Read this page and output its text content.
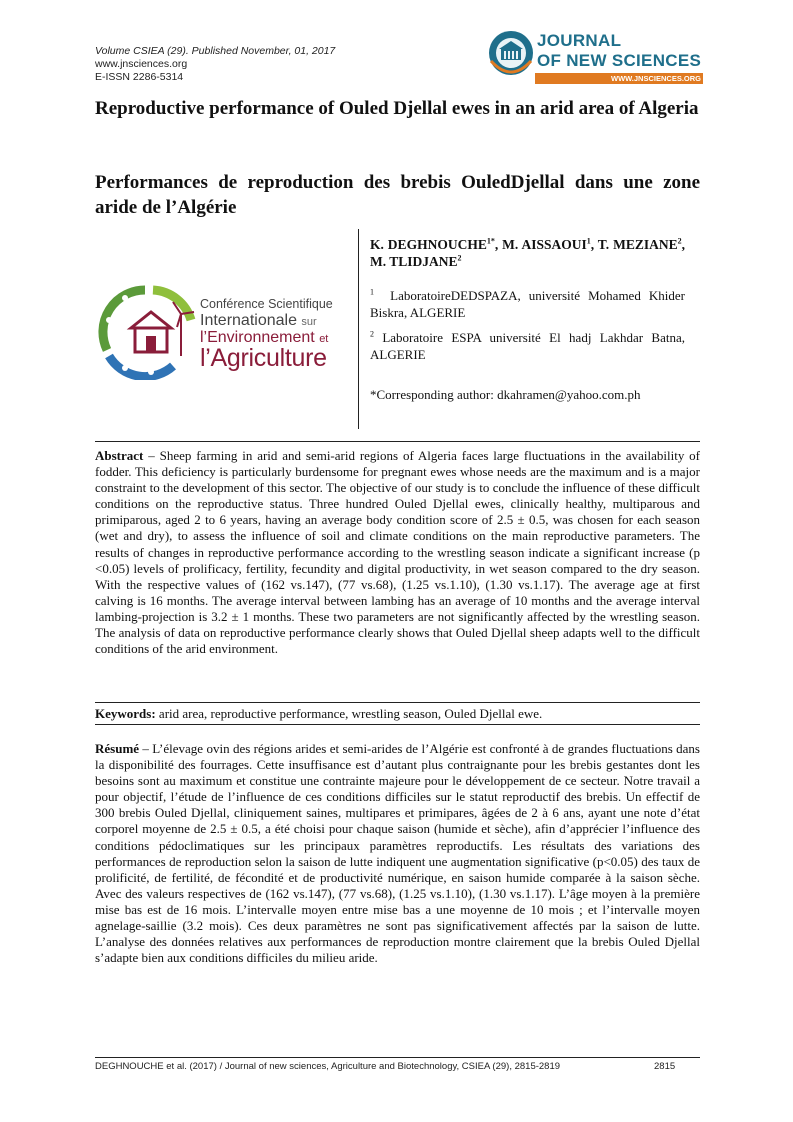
Volume CSIEA (29). Published November, 01, 2017
www.jnsciences.org
E-ISSN 2286-5314
JOURNAL
OF NEW SCIENCES
WWW.JNSCIENCES.ORG
Reproductive performance of Ouled Djellal ewes in an arid area of Algeria
Performances de reproduction des brebis OuledDjellal dans une zone aride de l’Algérie
Conférence Scientifique
Internationale sur
l’Environnement et
l’Agriculture
K. $DEGHNOUCHE^{1*}$, M. AISSAOUI$^1$, T. MEZIANE$^2$, M. TLIDJANE$^2$
$^1$ LaboratoireDEDSPAZA, université Mohamed Khider Biskra, ALGERIE
$^2$ Laboratoire ESPA université El hadj Lakhdar Batna, ALGERIE
*Corresponding author: dkahramen@yahoo.com.ph
Abstract – Sheep farming in arid and semi-arid regions of Algeria faces large fluctuations in the availability of fodder. This deficiency is particularly burdensome for pregnant ewes whose needs are the maximum and is a major constraint to the development of this sector. The objective of our study is to conclude the influence of these difficult conditions on the reproductive status. Three hundred Ouled Djellal ewes, clinically healthy, multiparous and primiparous, aged 2 to 6 years, having an average body condition score of 2.5 ± 0.5, was chosen for each season (wet and dry), to assess the influence of soil and climate conditions on the main reproductive parameters. The results of changes in reproductive performance according to the wrestling season indicate a significant increase (p <0.05) levels of prolificacy, fertility, fecundity and digital productivity, in wet season compared to the dry season. With the respective values of (162 vs.147), (77 vs.68), (1.25 vs.1.10), (1.30 vs.1.17). The average age at first calving is 16 months. The average interval between lambing has an average of 10 months and the average interval lambing-projection is 3.2 ± 1 months. These two parameters are not significantly affected by the wrestling season. The analysis of data on reproductive performance clearly shows that Ouled Djellal sheep adapts well to the difficult conditions of the arid environment.
Keywords: arid area, reproductive performance, wrestling season, Ouled Djellal ewe.
Résumé – L’élevage ovin des régions arides et semi-arides de l’Algérie est confronté à de grandes fluctuations dans la disponibilité des fourrages. Cette insuffisance est d’autant plus contraignante pour les brebis gestantes dont les besoins sont au maximum et constitue une contrainte majeure pour le développement de ce secteur. Notre travail a pour objectif, l’étude de l’influence de ces conditions difficiles sur le statut reproductif des brebis. Un effectif de 300 brebis Ouled Djellal, cliniquement saines, multipares et primipares, âgées de 2 à 6 ans, ayant une note d’état corporel moyenne de 2.5 ± 0.5, a été choisi pour chaque saison (humide et sèche), afin d’apprécier l’influence des conditions pédoclimatiques sur les principaux paramètres reproductifs. Les résultats des variations des performances de reproduction selon la saison de lutte indiquent une augmentation significative (p<0.05) des taux de prolificité, de fertilité, de fécondité et de productivité numérique, en saison humide comparée à la saison sèche. Avec des valeurs respectives de (162 vs.147), (77 vs.68), (1.25 vs.1.10), (1.30 vs.1.17). L’âge moyen à la première mise bas est de 16 mois. L’intervalle moyen entre mise bas a une moyenne de 10 mois ; et l’intervalle moyen agnelage-saillie (3.2 mois). Ces deux paramètres ne sont pas significativement affectés par la saison de lutte. L’analyse des données relatives aux performances de reproduction montre clairement que la brebis Ouled Djellal s’adapte bien aux conditions difficiles du milieu aride.
DEGHNOUCHE et al. (2017) / Journal of new sciences, Agriculture and Biotechnology, CSIEA (29), 2815-2819	2815
